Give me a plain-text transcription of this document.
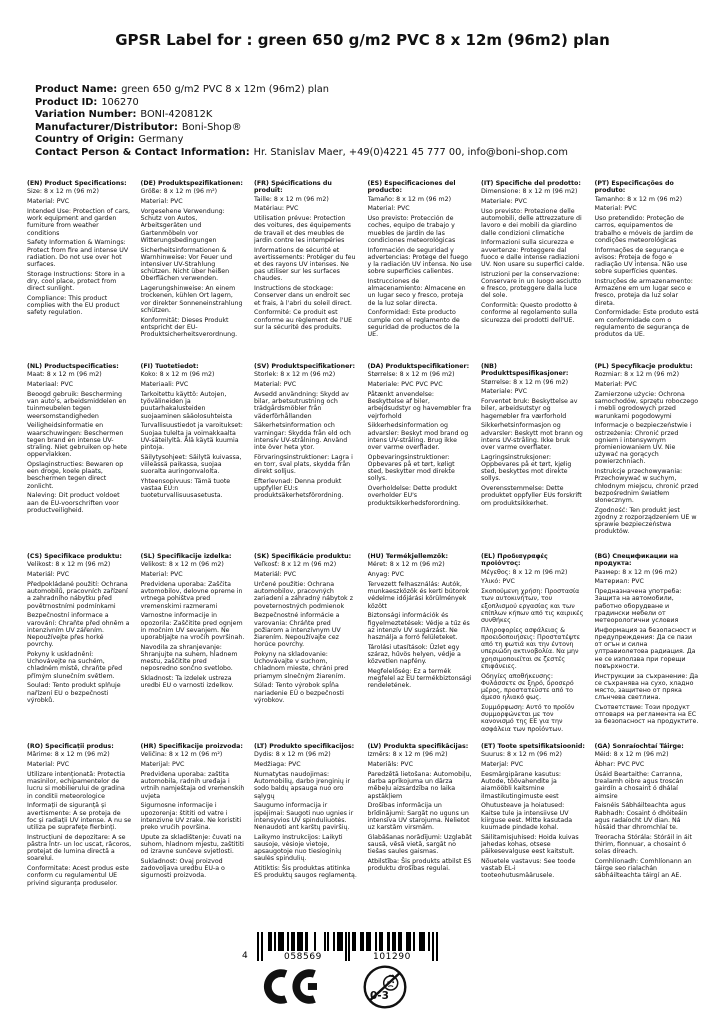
GPSR Label for : green 650 g/m2 PVC 8 x 12m (96m2) plan
Product Name: green 650 g/m2 PVC 8 x 12m (96m2) plan
Product ID: 106270
Variation Number: BONI-420812K
Manufacturer/Distributor: Boni-Shop®
Country of Origin: Germany
Contact Person & Contact Information: Hr. Stanislav Maer, +49(0)4221 45 777 00, info@boni-shop.com
(EN) Product Specifications:

Size: 8 x 12 m (96 m2)

Material: PVC

Intended Use: Protection of cars, work equipment and garden furniture from weather conditions

Safety Information & Warnings: Protect from fire and intense UV radiation. Do not use over hot surfaces.

Storage Instructions: Store in a dry, cool place, protect from direct sunlight.

Compliance: This product complies with the EU product safety regulation.

(DE) Produktspezifikationen:

Größe: 8 x 12 m (96 m²)

Material: PVC

Vorgesehene Verwendung: Schutz von Autos, Arbeitsgeräten und Gartenmöbeln vor Witterungsbedingungen

Sicherheitsinformationen & Warnhinweise: Vor Feuer und intensiver UV-Strahlung schützen. Nicht über heißen Oberflächen verwenden.

Lagerungshinweise: An einem trockenen, kühlen Ort lagern, vor direkter Sonneneinstrahlung schützen.

Konformität: Dieses Produkt entspricht der EU-Produktsicherheitsverordnung.

(FR) Spécifications du produit:

Taille: 8 x 12 m (96 m2)

Matériau: PVC

Utilisation prévue: Protection des voitures, des équipements de travail et des meubles de jardin contre les intempéries

Informations de sécurité et avertissements: Protéger du feu et des rayons UV intenses. Ne pas utiliser sur les surfaces chaudes.

Instructions de stockage: Conserver dans un endroit sec et frais, à l'abri du soleil direct.

Conformité: Ce produit est conforme au règlement de l'UE sur la sécurité des produits.

(ES) Especificaciones del producto:

Tamaño: 8 x 12 m (96 m2)

Material: PVC

Uso previsto: Protección de coches, equipo de trabajo y muebles de jardín de las condiciones meteorológicas

Información de seguridad y advertencias: Protege del fuego y la radiación UV intensa. No use sobre superficies calientes.

Instrucciones de almacenamiento: Almacene en un lugar seco y fresco, proteja de la luz solar directa.

Conformidad: Este producto cumple con el reglamento de seguridad de productos de la UE.

(IT) Specifiche del prodotto:

Dimensione: 8 x 12 m (96 m2)

Materiale: PVC

Uso previsto: Protezione delle automobili, delle attrezzature di lavoro e dei mobili da giardino dalle condizioni climatiche

Informazioni sulla sicurezza e avvertenze: Proteggere dal fuoco e dalle intense radiazioni UV. Non usare su superfici calde.

Istruzioni per la conservazione: Conservare in un luogo asciutto e fresco, proteggere dalla luce del sole.

Conformità: Questo prodotto è conforme al regolamento sulla sicurezza dei prodotti dell'UE.

(PT) Especificações do produto:

Tamanho: 8 x 12 m (96 m2)

Material: PVC

Uso pretendido: Proteção de carros, equipamentos de trabalho e móveis de jardim de condições meteorológicas

Informações de segurança e avisos: Proteja de fogo e radiação UV intensa. Não use sobre superfícies quentes.

Instruções de armazenamento: Armazene em um lugar seco e fresco, proteja da luz solar direta.

Conformidade: Este produto está em conformidade com o regulamento de segurança de produtos da UE.

(NL) Productspecificaties:

Maat: 8 x 12 m (96 m2)

Materiaal: PVC

Beoogd gebruik: Bescherming van auto's, arbeidsmiddelen en tuinmeubelen tegen weersomstandigheden

Veiligheidsinformatie en waarschuwingen: Beschermen tegen brand en intense UV-straling. Niet gebruiken op hete oppervlakken.

Opslaginstructies: Bewaren op een droge, koele plaats, beschermen tegen direct zonlicht.

Naleving: Dit product voldoet aan de EU-voorschriften voor productveiligheid.

(FI) Tuotetiedot:

Koko: 8 x 12 m (96 m2)

Materiaali: PVC

Tarkoitettu käyttö: Autojen, työvälineiden ja puutarhakalusteiden suojaaminen sääolosuhteista

Turvallisuustiedot ja varoitukset: Suojaa tulelta ja voimakkaalta UV-säteilyltä. Älä käytä kuumia pintoja.

Säilytysohjeet: Säilytä kuivassa, viileässä paikassa, suojaa suoralta auringonvalolta.

Yhteensopivuus: Tämä tuote vastaa EU:n tuoteturvallisuusasetusta.

(SV) Produktspecifikationer:

Storlek: 8 x 12 m (96 m2)

Material: PVC

Avsedd användning: Skydd av bilar, arbetsutrustning och trädgårdsmöbler från väderförhållanden

Säkerhetsinformation och varningar: Skydda från eld och intensiv UV-strålning. Använd inte över heta ytor.

Förvaringsinstruktioner: Lagra i en torr, sval plats, skydda från direkt solljus.

Efterlevnad: Denna produkt uppfyller EU:s produktsäkerhetsförordning.

(DA) Produktspecifikationer:

Størrelse: 8 x 12 m (96 m2)

Materiale: PVC PVC PVC

Påtænkt anvendelse: Beskyttelse af biler, arbejdsudstyr og havemøbler fra vejrforhold

Sikkerhedsinformation og advarsler: Beskyt mod brand og intens UV-stråling. Brug ikke over varme overflader.

Opbevaringsinstruktioner: Opbevares på et tørt, køligt sted, beskytter mod direkte sollys.

Overholdelse: Dette produkt overholder EU's produktsikkerhedsforordning.

(NB) Produkttspesifikasjoner:

Størrelse: 8 x 12 m (96 m2)

Materiale: PVC

Forventet bruk: Beskyttelse av biler, arbeidsutstyr og hagemøbler fra værforhold

Sikkerhetsinformasjon og advarsler: Beskytt mot brann og intens UV-stråling. Ikke bruk over varme overflater.

Lagringsinstruksjoner: Oppbevares på et tørt, kjølig sted, beskyttes mot direkte sollys.

Overensstemmelse: Dette produktet oppfyller EUs forskrift om produktsikkerhet.

(PL) Specyfikacje produktu:

Rozmiar: 8 x 12 m (96 m2)

Materiał: PVC

Zamierzone użycie: Ochrona samochodów, sprzętu roboczego i mebli ogrodowych przed warunkami pogodowymi

Informacje o bezpieczeństwie i ostrzeżenia: Chronić przed ogniem i intensywnym promieniowaniem UV. Nie używać na gorących powierzchniach.

Instrukcje przechowywania: Przechowywać w suchym, chłodnym miejscu, chronić przed bezpośrednim światłem słonecznym.

Zgodność: Ten produkt jest zgodny z rozporządzeniem UE w sprawie bezpieczeństwa produktów.

(CS) Specifikace produktu:

Velikost: 8 x 12 m (96 m2)

Materiál: PVC

Předpokládané použití: Ochrana automobilů, pracovních zařízení a zahradního nábytku před povětrnostními podmínkami

Bezpečnostní informace a varování: Chraňte před ohněm a intenzivním UV zářením. Nepoužívejte přes horké povrchy.

Pokyny k uskladnění: Uchovávejte na suchém, chladném místě, chraňte před přímým slunečním světlem.

Soulad: Tento produkt splňuje nařízení EU o bezpečnosti výrobků.

(SL) Specifikacije izdelka:

Velikost: 8 x 12 m (96 m2)

Material: PVC

Predvidena uporaba: Zaščita avtomobilov, delovne opreme in vrtnega pohištva pred vremenskimi razmerami

Varnostne informacije in opozorila: Zaščitite pred ognjem in močnim UV sevanjem. Ne uporabljajte na vročih površinah.

Navodila za shranjevanje: Shranjujte na suhem, hladnem mestu, zaščitite pred neposredno sončno svetlobo.

Skladnost: Ta izdelek ustreza uredbi EU o varnosti izdelkov.

(SK) Špecifikácie produktu:

Veľkosť: 8 x 12 m (96 m2)

Materiál: PVC

Určené použitie: Ochrana automobilov, pracovných zariadení a záhradný nábytok z poveternostných podmienok

Bezpečnostné informácie a varovania: Chráňte pred požiarom a intenzívnym UV žiarením. Nepoužívajte cez horúce povrchy.

Pokyny na skladovanie: Uchovávajte v suchom, chladnom mieste, chráni pred priamym slnečným žiarením.

Súlad: Tento výrobok spĺňa nariadenie EÚ o bezpečnosti výrobkov.

(HU) Termékjellemzők:

Méret: 8 x 12 m (96 m2)

Anyag: PVC

Tervezett felhasználás: Autók, munkaeszközök és kerti bútorok védelme időjárási körülmények között

Biztonsági információk és figyelmeztetések: Védje a tűz és az intenzív UV sugárzást. Ne használja a forró felületeket.

Tárolási utasítások: Üzlet egy száraz, hűvös helyen, védje a közvetlen napfény.

Megfelelőség: Ez a termék megfelel az EU termékbiztonsági rendeletének.

(EL) Προδιαγραφές προϊόντος:

Μέγεθος: 8 x 12 m (96 m2)

Υλικό: PVC

Σκοπούμενη χρήση: Προστασία των αυτοκινήτων, του εξοπλισμού εργασίας και των επίπλων κήπων από τις καιρικές συνθήκες

Πληροφορίες ασφάλειας & προειδοποιήσεις: Προστατέψτε από τη φωτιά και την έντονη υπεριώδη ακτινοβολία. Να μην χρησιμοποιείται σε ζεστές επιφάνειες.

Οδηγίες αποθήκευσης: Φυλάσσετε σε ξηρό, δροσερό μέρος, προστατεύστε από το άμεσο ηλιακό φως.

Συμμόρφωση: Αυτό το προϊόν συμμορφώνεται με τον κανονισμό της ΕΕ για την ασφάλεια των προϊόντων.

(BG) Спецификации на продукта:

Размер: 8 x 12 m (96 m2)

Материал: PVC

Предназначена употреба: Защита на автомобили, работно оборудване и градински мебели от метеорологични условия

Информация за безопасност и предупреждения: Да се пази от огън и силна ултравиолетова радиация. Да не се използва при горещи повърхности.

Инструкции за съхранение: Да се съхранява на сухо, хладно място, защитено от пряка слънчева светлина.

Съответствие: Този продукт отговаря на регламента на ЕС за безопасност на продуктите.

(RO) Specificații produs:

Mărime: 8 x 12 m (96 m2)

Material: PVC

Utilizare intenționată: Protectia masinilor, echipamentelor de lucru si mobilierului de gradina in conditii meteorologice

Informații de siguranță și avertismente: A se proteja de foc și radiații UV intense. A nu se utiliza pe suprafețe fierbinți.

Instrucțiuni de depozitare: A se păstra într- un loc uscat, răcoros, protejat de lumina directă a soarelui.

Conformitate: Acest produs este conform cu regulamentul UE privind siguranța produselor.

(HR) Specifikacije proizvoda:

Veličina: 8 x 12 m (96 m²)

Materijal: PVC

Predviđena uporaba: zaštita automobila, radnih uređaja i vrtnih namještaja od vremenskih uvjeta

Sigurnosne informacije i upozorenja: štititi od vatre i intenzivne UV zrake. Ne koristiti preko vrućih površina.

Upute za skladištenje: čuvati na suhom, hladnom mjestu, zaštititi od izravne sunčeve svjetlosti.

Sukladnost: Ovaj proizvod zadovoljava uredbu EU-a o sigurnosti proizvoda.

(LT) Produkto specifikacijos:

Dydis: 8 x 12 m (96 m2)

Medžiaga: PVC

Numatytas naudojimas: Automobilių, darbo įrenginių ir sodo baldų apsauga nuo oro sąlygų

Saugumo informacija ir įspėjimai: Saugoti nuo ugnies ir intensyvios UV spinduliuotės. Nenaudoti ant karštų paviršių.

Laikymo instrukcijos: Laikyti sausoje, vėsioje vietoje, apsaugotoje nuo tiesioginių saulės spindulių.

Atitiktis: Šis produktas atitinka ES produktų saugos reglamentą.

(LV) Produkta specifikācijas:

Izmērs: 8 x 12 m (96 m2)

Materiāls: PVC

Paredzētā lietošana: Automobiļu, darba aprīkojuma un dārza mēbeļu aizsardzība no laika apstākļiem

Drošības informācija un brīdinājumi: Sargāt no uguns un intensīva UV starojuma. Nelietot uz karstām virsmām.

Glabāšanas norādījumi: Uzglabāt sausā, vēsā vietā, sargāt no tiešas saules gaismas.

Atbilstība: Šis produkts atbilst ES produktu drošības regulai.

(ET) Toote spetsifikatsioonid:

Suurus: 8 x 12 m (96 m2)

Materjal: PVC

Eesmärgipärane kasutus: Autode, töövahendite ja aiamööbli kaitsmine ilmastikutingimuste eest

Ohutusteave ja hoiatused: Kaitse tule ja intensiivse UV kiirguse eest. Mitte kasutada kuumade pindade kohal.

Säilitamisjuhised: Hoida kuivas jahedas kohas, otsese päikesevalguse eest kaitstult.

Nõuetele vastavus: See toode vastab EL-i tooteohutusmäärusele.

(GA) Sonraíochtaí Táirge:

Méid: 8 x 12 m (96 m2)

Ábhar: PVC PVC

Úsáid Beartaithe: Carranna, trealamh oibre agus troscán gairdín a chosaint ó dhálaí aimsire

Faisnéis Sábháilteachta agus Rabhadh: Cosaint ó dhóiteáin agus radaíocht UV dian. Ná húsáid thar dhromchlaí te.

Treoracha Stórála: Stóráil in áit thirim, fionnuar, a chosaint ó solas díreach.

Comhlíonadh: Comhlíonann an táirge seo rialachán sábháilteachta táirgí an AE.

4	058569	101290
0-3
